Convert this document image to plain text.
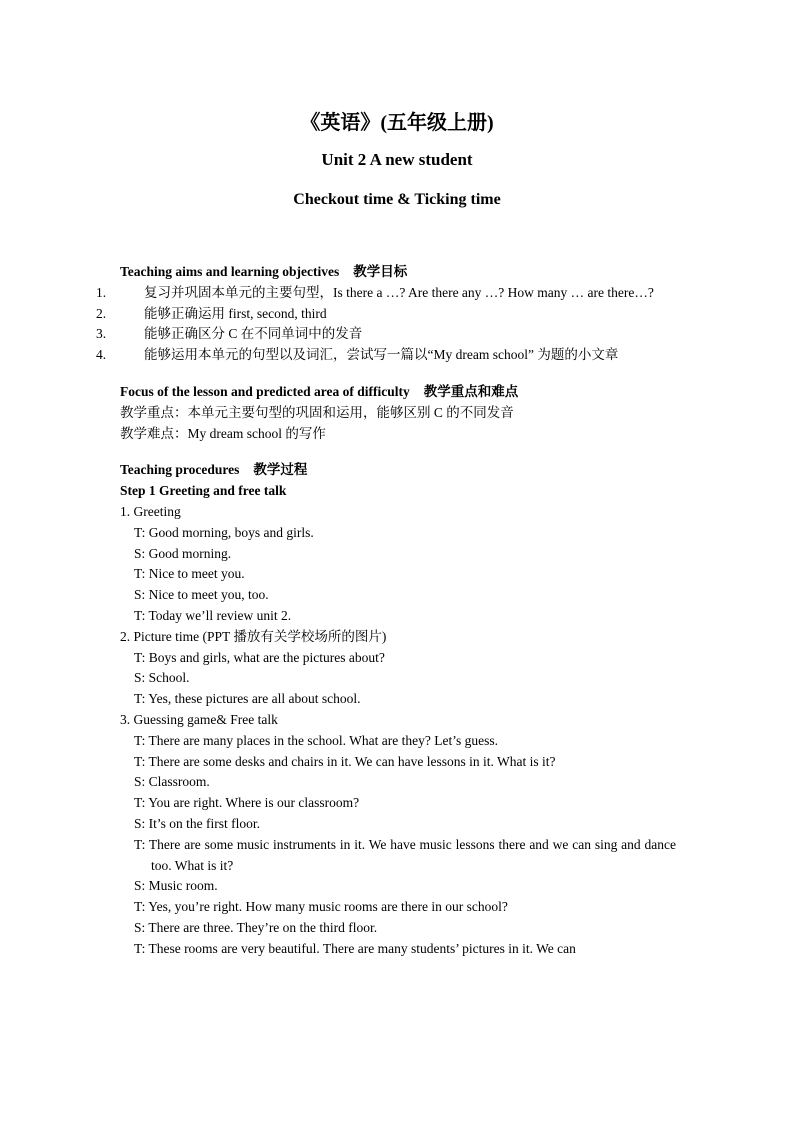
《英语》(五年级上册)
Unit 2 A new student
Checkout time & Ticking time
Teaching aims and learning objectives 教学目标
1.	复习并巩固本单元的主要句型，Is there a …? Are there any …? How many … are there…?
2.	能够正确运用 first, second, third
3.	能够正确区分 C 在不同单词中的发音
4.	能够运用本单元的句型以及词汇，尝试写一篇以“My dream school” 为题的小文章
Focus of the lesson and predicted area of difficulty 教学重点和难点
教学重点：本单元主要句型的巩固和运用，能够区别 C 的不同发音
教学难点：My dream school 的写作
Teaching procedures 教学过程
Step 1 Greeting and free talk
1. Greeting
T: Good morning, boys and girls.
S: Good morning.
T: Nice to meet you.
S: Nice to meet you, too.
T: Today we’ll review unit 2.
2. Picture time (PPT 播放有关学校场所的图片)
T: Boys and girls, what are the pictures about?
S: School.
T: Yes, these pictures are all about school.
3. Guessing game& Free talk
T: There are many places in the school. What are they? Let’s guess.
T: There are some desks and chairs in it. We can have lessons in it. What is it?
S: Classroom.
T: You are right. Where is our classroom?
S: It’s on the first floor.
T: There are some music instruments in it. We have music lessons there and we can sing and dance too. What is it?
S: Music room.
T: Yes, you’re right. How many music rooms are there in our school?
S: There are three. They’re on the third floor.
T: These rooms are very beautiful. There are many students’ pictures in it. We can
